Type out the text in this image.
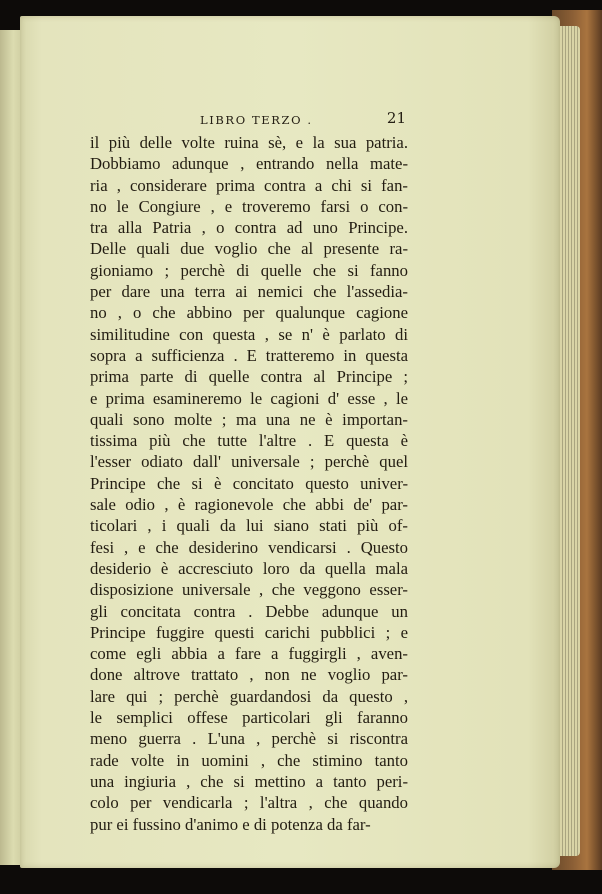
LIBRO TERZO .	21
il più delle volte ruina sè, e la sua patria.
Dobbiamo adunque , entrando nella mate-
ria , considerare prima contra a chi si fan-
no le Congiure , e troveremo farsi o con-
tra alla Patria , o contra ad uno Principe.
Delle quali due voglio che al presente ra-
gioniamo ; perchè di quelle che si fanno
per dare una terra ai nemici che l'assedia-
no , o che abbino per qualunque cagione
similitudine con questa , se n' è parlato di
sopra a sufficienza . E tratteremo in questa
prima parte di quelle contra al Principe ;
e prima esamineremo le cagioni d' esse , le
quali sono molte ; ma una ne è importan-
tissima più che tutte l'altre . E questa è
l'esser odiato dall' universale ; perchè quel
Principe che si è concitato questo univer-
sale odio , è ragionevole che abbi de' par-
ticolari , i quali da lui siano stati più of-
fesi , e che desiderino vendicarsi . Questo
desiderio è accresciuto loro da quella mala
disposizione universale , che veggono esser-
gli concitata contra . Debbe adunque un
Principe fuggire questi carichi pubblici ; e
come egli abbia a fare a fuggirgli , aven-
done altrove trattato , non ne voglio par-
lare qui ; perchè guardandosi da questo ,
le semplici offese particolari gli faranno
meno guerra . L'una , perchè si riscontra
rade volte in uomini , che stimino tanto
una ingiuria , che si mettino a tanto peri-
colo per vendicarla ; l'altra , che quando
pur ei fussino d'animo e di potenza da far-
